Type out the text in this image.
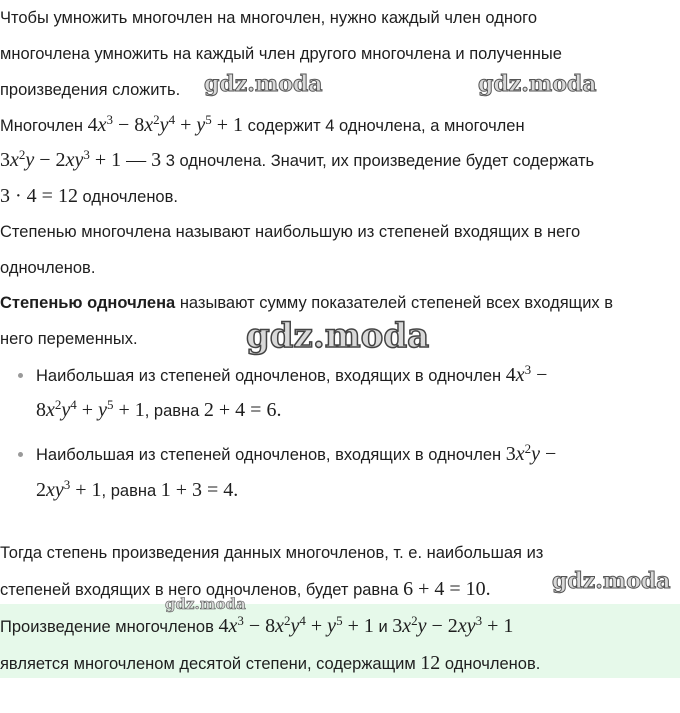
Чтобы умножить многочлен на многочлен, нужно каждый член одного
многочлена умножить на каждый член другого многочлена и полученные
произведения сложить.
Многочлен $4x^3 - 8x^2y^4 + y^5 + 1$ содержит 4 одночлена, а многочлен
$3x^2y - 2xy^3 + 1$ — 3 3 одночлена. Значит, их произведение будет содержать
3 · 4 = 12 одночленов.
Степенью многочлена называют наибольшую из степеней входящих в него
одночленов.
Степенью одночлена называют сумму показателей степеней всех входящих в
него переменных.
Наибольшая из степеней одночленов, входящих в одночлен $4x^3$ −
$8x^2y^4 + y^5 + 1$, равна 2 + 4 = 6.
Наибольшая из степеней одночленов, входящих в одночлен $3x^2y$ −
$2xy^3 + 1$, равна 1 + 3 = 4.
Тогда степень произведения данных многочленов, т. е. наибольшая из
степеней входящих в него одночленов, будет равна 6 + 4 = 10.
Произведение многочленов $4x^3 - 8x^2y^4 + y^5 + 1$ и $3x^2y - 2xy^3 + 1$
является многочленом десятой степени, содержащим 12 одночленов.
gdz.moda	gdz.moda
gdz.moda
gdz.moda
gdz.moda
